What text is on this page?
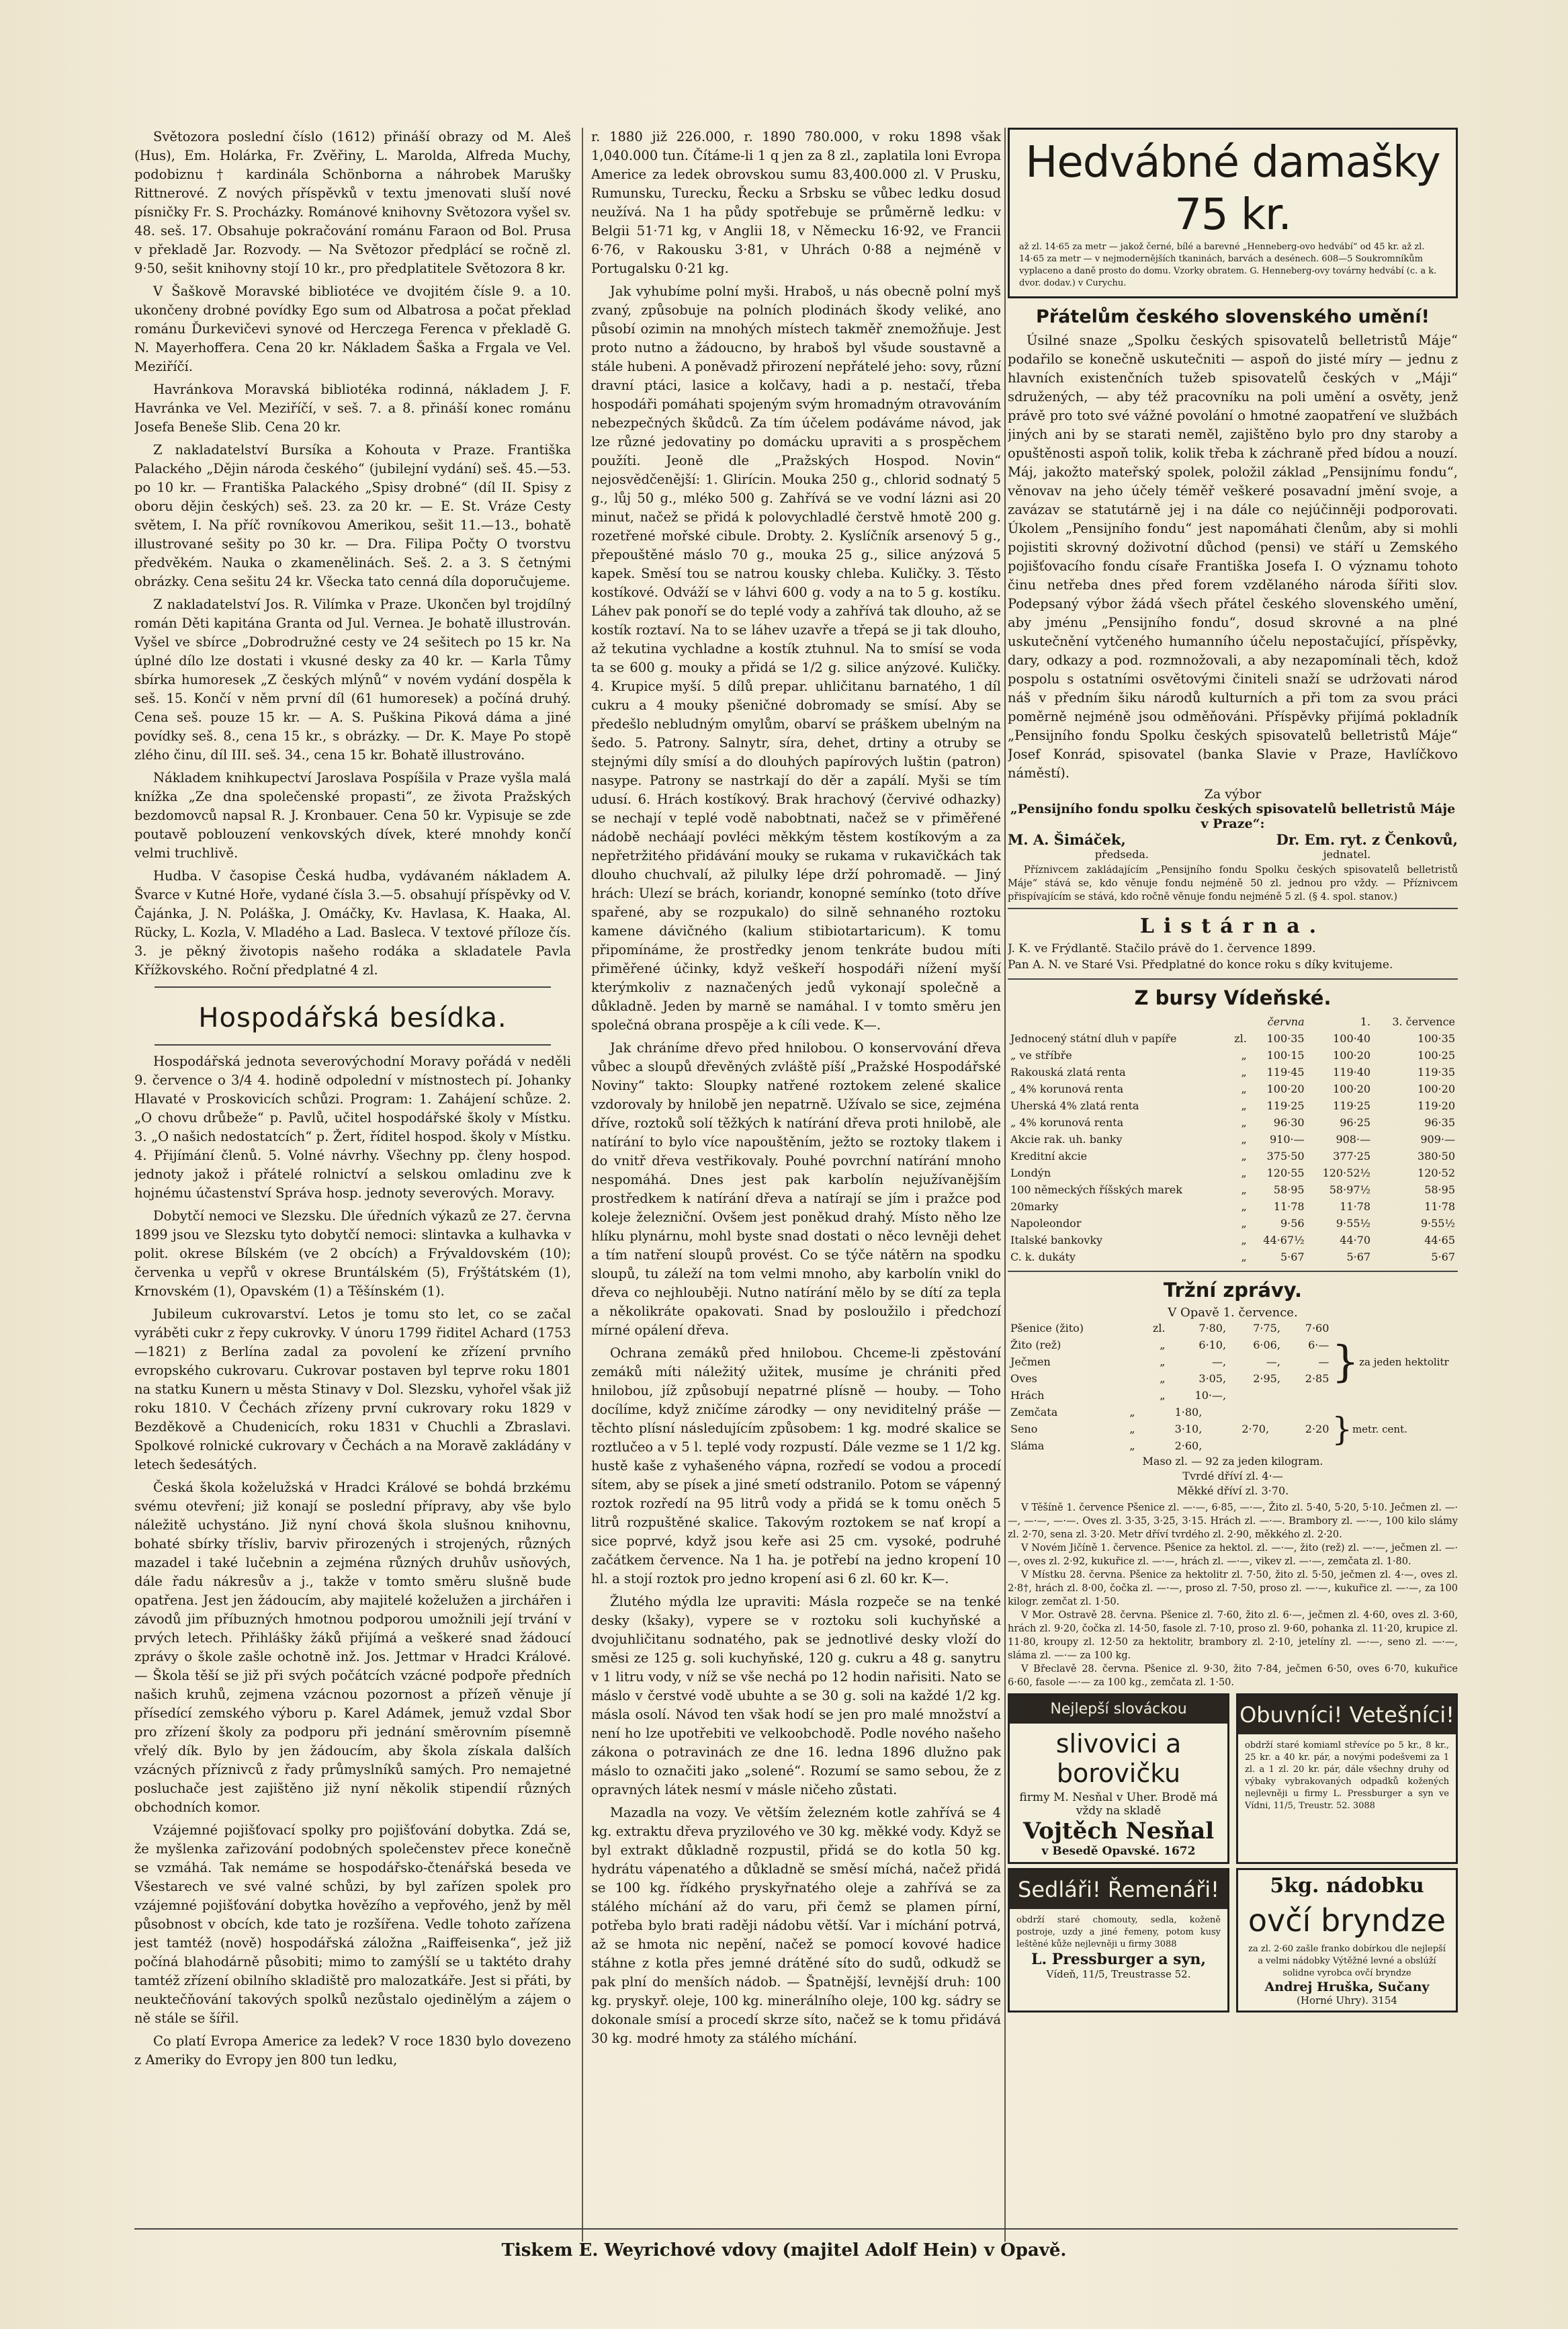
Světozora poslední číslo (1612) přináší obrazy od M. Aleš (Hus), Em. Holárka, Fr. Zvěřiny, L. Marolda, Alfreda Muchy, podobiznu † kardinála Schönborna a náhrobek Marušky Rittnerové. Z nových příspěvků v textu jmenovati sluší nové písničky Fr. S. Procházky. Románové knihovny Světozora vyšel sv. 48. seš. 17. Obsahuje pokračování románu Faraon od Bol. Prusa v překladě Jar. Rozvody. — Na Světozor předplácí se ročně zl. 9·50, sešit knihovny stojí 10 kr., pro předplatitele Světozora 8 kr.

V Šaškově Moravské bibliotéce ve dvojitém čísle 9. a 10. ukončeny drobné povídky Ego sum od Albatrosa a počat překlad románu Ďurkevičevi synové od Herczega Ferenca v překladě G. N. Mayerhoffera. Cena 20 kr. Nákladem Šaška a Frgala ve Vel. Meziříčí.

Havránkova Moravská bibliotéka rodinná, nákladem J. F. Havránka ve Vel. Meziříčí, v seš. 7. a 8. přináší konec románu Josefa Beneše Slib. Cena 20 kr.

Z nakladatelství Bursíka a Kohouta v Praze. Františka Palackého „Dějin národa českého“ (jubilejní vydání) seš. 45.—53. po 10 kr. — Františka Palackého „Spisy drobné“ (díl II. Spisy z oboru dějin českých) seš. 23. za 20 kr. — E. St. Vráze Cesty světem, I. Na příč rovníkovou Amerikou, sešit 11.—13., bohatě illustrované sešity po 30 kr. — Dra. Filipa Počty O tvorstvu předvěkém. Nauka o zkamenělinách. Seš. 2. a 3. S četnými obrázky. Cena sešitu 24 kr. Všecka tato cenná díla doporučujeme.

Z nakladatelství Jos. R. Vilímka v Praze. Ukončen byl trojdílný román Děti kapitána Granta od Jul. Vernea. Je bohatě illustrován. Vyšel ve sbírce „Dobrodružné cesty ve 24 sešitech po 15 kr. Na úplné dílo lze dostati i vkusné desky za 40 kr. — Karla Tůmy sbírka humoresek „Z českých mlýnů“ v novém vydání dospěla k seš. 15. Končí v něm první díl (61 humoresek) a počíná druhý. Cena seš. pouze 15 kr. — A. S. Puškina Piková dáma a jiné povídky seš. 8., cena 15 kr., s obrázky. — Dr. K. Maye Po stopě zlého činu, díl III. seš. 34., cena 15 kr. Bohatě illustrováno.

Nákladem knihkupectví Jaroslava Pospíšila v Praze vyšla malá knížka „Ze dna společenské propasti“, ze života Pražských bezdomovců napsal R. J. Kronbauer. Cena 50 kr. Vypisuje se zde poutavě poblouzení venkovských dívek, které mnohdy končí velmi truchlivě.

Hudba. V časopise Česká hudba, vydávaném nákladem A. Švarce v Kutné Hoře, vydané čísla 3.—5. obsahují příspěvky od V. Čajánka, J. N. Poláška, J. Omáčky, Kv. Havlasa, K. Haaka, Al. Rücky, L. Kozla, V. Mladého a Lad. Basleca. V textové příloze čís. 3. je pěkný životopis našeho rodáka a skladatele Pavla Křížkovského. Roční předplatné 4 zl.

Hospodářská besídka.

Hospodářská jednota severovýchodní Moravy pořádá v neděli 9. července o 3/4 4. hodině odpolední v místnostech pí. Johanky Hlavaté v Proskovicích schůzi. Program: 1. Zahájení schůze. 2. „O chovu drůbeže“ p. Pavlů, učitel hospodářské školy v Místku. 3. „O našich nedostatcích“ p. Žert, říditel hospod. školy v Místku. 4. Přijímání členů. 5. Volné návrhy. Všechny pp. členy hospod. jednoty jakož i přátelé rolnictví a selskou omladinu zve k hojnému účastenství Správa hosp. jednoty severových. Moravy.

Dobytčí nemoci ve Slezsku. Dle úředních výkazů ze 27. června 1899 jsou ve Slezsku tyto dobytčí nemoci: slintavka a kulhavka v polit. okrese Bílském (ve 2 obcích) a Frývaldovském (10); červenka u vepřů v okrese Bruntálském (5), Frýštátském (1), Krnovském (1), Opavském (1) a Těšínském (1).

Jubileum cukrovarství. Letos je tomu sto let, co se začal vyráběti cukr z řepy cukrovky. V únoru 1799 řiditel Achard (1753—1821) z Berlína zadal za povolení ke zřízení prvního evropského cukrovaru. Cukrovar postaven byl teprve roku 1801 na statku Kunern u města Stinavy v Dol. Slezsku, vyhořel však již roku 1810. V Čechách zřízeny první cukrovary roku 1829 v Bezděkově a Chudenicích, roku 1831 v Chuchli a Zbraslavi. Spolkové rolnické cukrovary v Čechách a na Moravě zakládány v letech šedesátých.

Česká škola koželužská v Hradci Králové se bohdá brzkému svému otevření; již konají se poslední přípravy, aby vše bylo náležitě uchystáno. Již nyní chová škola slušnou knihovnu, bohaté sbírky třísliv, barviv přirozených i strojených, různých mazadel i také lučebnin a zejména různých druhův usňových, dále řadu nákresův a j., takže v tomto směru slušně bude opatřena. Jest jen žádoucím, aby majitelé koželužen a jirchářen i závodů jim příbuzných hmotnou podporou umožnili její trvání v prvých letech. Přihlášky žáků přijímá a veškeré snad žádoucí zprávy o škole zašle ochotně inž. Jos. Jettmar v Hradci Králové. — Škola těší se již při svých počátcích vzácné podpoře předních našich kruhů, zejmena vzácnou pozornost a přízeň věnuje jí přísedící zemského výboru p. Karel Adámek, jemuž vzdal Sbor pro zřízení školy za podporu při jednání směrovním písemně vřelý dík. Bylo by jen žádoucím, aby škola získala dalších vzácných příznivců z řady průmyslníků samých. Pro nemajetné posluchače jest zajištěno již nyní několik stipendií různých obchodních komor.

Vzájemné pojišťovací spolky pro pojišťování dobytka. Zdá se, že myšlenka zařizování podobných společenstev přece konečně se vzmáhá. Tak nemáme se hospodářsko-čtenářská beseda ve Všestarech ve své valné schůzi, by byl zařízen spolek pro vzájemné pojišťování dobytka hovězího a vepřového, jenž by měl působnost v obcích, kde tato je rozšířena. Vedle tohoto zařízena jest tamtéž (nově) hospodářská záložna „Raiffeisenka“, jež již počíná blahodárně působiti; mimo to zamýšlí se u taktéto drahy tamtéž zřízení obilního skladiště pro malozatkáře. Jest si přáti, by neuktečňování takových spolků nezůstalo ojedinělým a zájem o ně stále se šířil.

Co platí Evropa Americe za ledek? V roce 1830 bylo dovezeno z Ameriky do Evropy jen 800 tun ledku,

r. 1880 již 226.000, r. 1890 780.000, v roku 1898 však 1,040.000 tun. Čítáme-li 1 q jen za 8 zl., zaplatila loni Evropa Americe za ledek obrovskou sumu 83,400.000 zl. V Prusku, Rumunsku, Turecku, Řecku a Srbsku se vůbec ledku dosud neužívá. Na 1 ha půdy spotřebuje se průměrně ledku: v Belgii 51·71 kg, v Anglii 18, v Německu 16·92, ve Francii 6·76, v Rakousku 3·81, v Uhrách 0·88 a nejméně v Portugalsku 0·21 kg.

Jak vyhubíme polní myši. Hraboš, u nás obecně polní myš zvaný, způsobuje na polních plodinách škody veliké, ano působí ozimin na mnohých místech takměř znemožňuje. Jest proto nutno a žádoucno, by hraboš byl všude soustavně a stále hubeni. A poněvadž přirození nepřátelé jeho: sovy, různí dravní ptáci, lasice a kolčavy, hadi a p. nestačí, třeba hospodáři pomáhati spojeným svým hromadným otravováním nebezpečných škůdců. Za tím účelem podáváme návod, jak lze různé jedovatiny po domácku upraviti a s prospěchem použíti. Jeoně dle „Pražských Hospod. Novin“ nejosvědčenější: 1. Glirícin. Mouka 250 g., chlorid sodnatý 5 g., lůj 50 g., mléko 500 g. Zahřívá se ve vodní lázni asi 20 minut, načež se přidá k polovychladlé čerstvě hmotě 200 g. rozetřené mořské cibule. Drobty. 2. Kyslíčník arsenový 5 g., přepouštěné máslo 70 g., mouka 25 g., silice anýzová 5 kapek. Směsí tou se natrou kousky chleba. Kuličky. 3. Těsto kostíkové. Odváží se v láhvi 600 g. vody a na to 5 g. kostíku. Láhev pak ponoří se do teplé vody a zahřívá tak dlouho, až se kostík roztaví. Na to se láhev uzavře a třepá se ji tak dlouho, až tekutina vychladne a kostík ztuhnul. Na to smísí se voda ta se 600 g. mouky a přidá se 1/2 g. silice anýzové. Kuličky. 4. Krupice myší. 5 dílů prepar. uhličitanu barnatého, 1 díl cukru a 4 mouky pšeničné dobromady se smísí. Aby se předešlo nebludným omylům, obarví se práškem ubelným na šedo. 5. Patrony. Salnytr, síra, dehet, drtiny a otruby se stejnými díly smísí a do dlouhých papírových luštin (patron) nasype. Patrony se nastrkají do děr a zapálí. Myši se tím udusí. 6. Hrách kostíkový. Brak hrachový (červivé odhazky) se nechají v teplé vodě nabobtnati, načež se v přiměřené nádobě necháají povléci měkkým těstem kostíkovým a za nepřetržitého přidávání mouky se rukama v rukavičkách tak dlouho chuchvalí, až pilulky lépe drží pohromadě. — Jiný hrách: Ulezí se brách, koriandr, konopné semínko (toto dříve spařené, aby se rozpukalo) do silně sehnaného roztoku kamene dávičného (kalium stibiotartaricum). K tomu připomínáme, že prostředky jenom tenkráte budou míti přiměřené účinky, když veškeří hospodáři nížení myší kterýmkoliv z naznačených jedů vykonají společně a důkladně. Jeden by marně se namáhal. I v tomto směru jen společná obrana prospěje a k cíli vede. K—.

Jak chráníme dřevo před hnilobou. O konservování dřeva vůbec a sloupů dřevěných zvláště píší „Pražské Hospodářské Noviny“ takto: Sloupky natřené roztokem zelené skalice vzdorovaly by hnilobě jen nepatrně. Užívalo se sice, zejména dříve, roztoků solí těžkých k natírání dřeva proti hnilobě, ale natírání to bylo více napouštěním, ježto se roztoky tlakem i do vnitř dřeva vestřikovaly. Pouhé povrchní natírání mnoho nespomáhá. Dnes jest pak karbolín nejužívanějším prostředkem k natírání dřeva a natírají se jím i pražce pod koleje železniční. Ovšem jest poněkud drahý. Místo něho lze hlíku plynárnu, mohl byste snad dostati o něco levněji dehet a tím natření sloupů provést. Co se týče nátěrn na spodku sloupů, tu záleží na tom velmi mnoho, aby karbolín vnikl do dřeva co nejhlouběji. Nutno natírání mělo by se dítí za tepla a několikráte opakovati. Snad by posloužilo i předchozí mírné opálení dřeva.

Ochrana zemáků před hnilobou. Chceme-li zpěstování zemáků míti náležitý užitek, musíme je chrániti před hnilobou, jíž způsobují nepatrné plísně — houby. — Toho docílíme, když zničíme zárodky — ony neviditelný práše — těchto plísní následujícím způsobem: 1 kg. modré skalice se roztlučeo a v 5 l. teplé vody rozpustí. Dále vezme se 1 1/2 kg. hustě kaše z vyhašeného vápna, rozředí se vodou a procedí sítem, aby se písek a jiné smetí odstranilo. Potom se vápenný roztok rozředí na 95 litrů vody a přidá se k tomu oněch 5 litrů rozpuštěné skalice. Takovým roztokem se nať kropí a sice poprvé, když jsou keře asi 25 cm. vysoké, podruhé začátkem července. Na 1 ha. je potřebí na jedno kropení 10 hl. a stojí roztok pro jedno kropení asi 6 zl. 60 kr. K—.

Žlutého mýdla lze upraviti: Másla rozpeče se na tenké desky (kšaky), vypere se v roztoku soli kuchyňské a dvojuhličitanu sodnatého, pak se jednotlivé desky vloží do směsi ze 125 g. soli kuchyňské, 120 g. cukru a 48 g. sanytru v 1 litru vody, v níž se vše nechá po 12 hodin nařisiti. Nato se máslo v čerstvé vodě ubuhte a se 30 g. soli na každé 1/2 kg. másla osolí. Návod ten však hodí se jen pro malé množství a není ho lze upotřebiti ve velkoobchodě. Podle nového našeho zákona o potravinách ze dne 16. ledna 1896 dlužno pak máslo to označiti jako „solené“. Rozumí se samo sebou, že z opravných látek nesmí v másle ničeho zůstati.

Mazadla na vozy. Ve větším železném kotle zahřívá se 4 kg. extraktu dřeva pryzilového ve 30 kg. měkké vody. Když se byl extrakt důkladně rozpustil, přidá se do kotla 50 kg. hydrátu vápenatého a důkladně se směsí míchá, načež přidá se 100 kg. řídkého pryskyřnatého oleje a zahřívá se za stálého míchání až do varu, při čemž se plamen pírní, potřeba bylo brati raději nádobu větší. Var i míchání potrvá, až se hmota nic nepění, načež se pomocí kovové hadice stáhne z kotla přes jemné drátěné síto do sudů, odkudž se pak plní do menších nádob. — Špatnější, levnější druh: 100 kg. pryskyř. oleje, 100 kg. minerálního oleje, 100 kg. sádry se dokonale smísí a procedí skrze síto, načež se k tomu přidává 30 kg. modré hmoty za stálého míchání.

Hedvábné damašky 75 kr.
až zl. 14·65 za metr — jakož černé, bílé a barevné „Henneberg-ovo hedvábí“ od 45 kr. až zl. 14·65 za metr — v nejmodernějších tkaninách, barvách a desénech. 608—5 Soukromníkům vyplaceno a daně prosto do domu. Vzorky obratem. G. Henneberg-ovy továrny hedvábí (c. a k. dvor. dodav.) v Curychu.
Přátelům českého slovenského umění!

Úsilné snaze „Spolku českých spisovatelů belletristů Máje“ podařilo se konečně uskutečniti — aspoň do jisté míry — jednu z hlavních existenčních tužeb spisovatelů českých v „Máji“ sdružených, — aby též pracovníku na poli umění a osvěty, jenž právě pro toto své vážné povolání o hmotné zaopatření ve službách jiných ani by se starati neměl, zajištěno bylo pro dny staroby a opuštěnosti aspoň tolik, kolik třeba k záchraně před bídou a nouzí. Máj, jakožto mateřský spolek, položil základ „Pensijnímu fondu“, věnovav na jeho účely téměř veškeré posavadní jmění svoje, a zavázav se statutárně jej i na dále co nejúčinněji podporovati. Úkolem „Pensijního fondu“ jest napomáhati členům, aby si mohli pojistiti skrovný doživotní důchod (pensi) ve stáří u Zemského pojišťovacího fondu císaře Františka Josefa I. O významu tohoto činu netřeba dnes před forem vzdělaného národa šířiti slov. Podepsaný výbor žádá všech přátel českého slovenského umění, aby jménu „Pensijního fondu“, dosud skrovné a na plné uskutečnění vytčeného humanního účelu nepostačující, příspěvky, dary, odkazy a pod. rozmnožovali, a aby nezapomínali těch, kdož pospolu s ostatními osvětovými činiteli snaží se udržovati národ náš v předním šiku národů kulturních a při tom za svou práci poměrně nejméně jsou odměňováni. Příspěvky přijímá pokladník „Pensijního fondu Spolku českých spisovatelů belletristů Máje“ Josef Konrád, spisovatel (banka Slavie v Praze, Havlíčkovo náměstí).

Za výbor
„Pensijního fondu spolku českých spisovatelů belletristů Máje v Praze“:
M. A. Šimáček,	Dr. Em. ryt. z Čenkovů,
předseda.	jednatel.
Příznivcem zakládajícím „Pensijního fondu Spolku českých spisovatelů belletristů Máje“ stává se, kdo věnuje fondu nejméně 50 zl. jednou pro vždy. — Příznivcem přispívajícím se stává, kdo ročně věnuje fondu nejméně 5 zl. (§ 4. spol. stanov.)
Listárna.
J. K. ve Frýdlantě. Stačilo právě do 1. července 1899.
Pan A. N. ve Staré Vsi. Předplatné do konce roku s díky kvitujeme.
Z bursy Vídeňské.
		června	1.	3. července
Jednocený státní dluh v papíře	zl.	100·35	100·40	100·35
„ ve stříbře	„	100·15	100·20	100·25
Rakouská zlatá renta	„	119·45	119·40	119·35
„ 4% korunová renta	„	100·20	100·20	100·20
Uherská 4% zlatá renta	„	119·25	119·25	119·20
„ 4% korunová renta	„	96·30	96·25	96·35
Akcie rak. uh. banky	„	910·—	908·—	909·—
Kreditní akcie	„	375·50	377·25	380·50
Londýn	„	120·55	120·52½	120·52
100 německých říšských marek	„	58·95	58·97½	58·95
20marky	„	11·78	11·78	11·78
Napoleondor	„	9·56	9·55½	9·55½
Italské bankovky	„	44·67½	44·70	44·65
C. k. dukáty	„	5·67	5·67	5·67
Tržní zprávy.
V Opavě 1. července.
Pšenice (žito)	zl.	7·80,	7·75,	7·60
Žito (rež)	„	6·10,	6·06,	6·—
Ječmen	„	—,	—,	—
Oves	„	3·05,	2·95,	2·85
Hrách	„	10·—,		
} za jeden hektolitr
Zemčata	„	1·80,		
Seno	„	3·10,	2·70,	2·20
Sláma	„	2·60,			} metr. cent.
Maso zl. — 92 za jeden kilogram.
Tvrdé dříví zl. 4·—
Měkké dříví zl. 3·70.
V Těšíně 1. července Pšenice zl. —·—, 6·85, —·—, Žito zl. 5·40, 5·20, 5·10. Ječmen zl. —·—, —·—, —·—. Oves zl. 3·35, 3·25, 3·15. Hrách zl. —·—. Brambory zl. —·—, 100 kilo slámy zl. 2·70, sena zl. 3·20. Metr dříví tvrdého zl. 2·90, měkkého zl. 2·20.
V Novém Jičíně 1. července. Pšenice za hektol. zl. —·—, žito (rež) zl. —·—, ječmen zl. —·—, oves zl. 2·92, kukuřice zl. —·—, hrách zl. —·—, vikev zl. —·—, zemčata zl. 1·80.
V Místku 28. června. Pšenice za hektolitr zl. 7·50, žito zl. 5·50, ječmen zl. 4·—, oves zl. 2·8†, hrách zl. 8·00, čočka zl. —·—, proso zl. 7·50, proso zl. —·—, kukuřice zl. —·—, za 100 kilogr. zemčat zl. 1·50.
V Mor. Ostravě 28. června. Pšenice zl. 7·60, žito zl. 6·—, ječmen zl. 4·60, oves zl. 3·60, hrách zl. 9·20, čočka zl. 14·50, fasole zl. 7·10, proso zl. 9·60, pohanka zl. 11·20, krupice zl. 11·80, kroupy zl. 12·50 za hektolitr, brambory zl. 2·10, jetelíny zl. —·—, seno zl. —·—, sláma zl. —·— za 100 kg.
V Břeclavě 28. června. Pšenice zl. 9·30, žito 7·84, ječmen 6·50, oves 6·70, kukuřice 6·60, fasole —·— za 100 kg., zemčata zl. 1·50.
Nejlepší slováckou
slivovici a borovičku
firmy M. Nesňal v Uher. Brodě má vždy na skladě
Vojtěch Nesňal
v Besedě Opavské. 1672
Obuvníci! Vetešníci!
obdrží staré komiaml střevíce po 5 kr., 8 kr., 25 kr. a 40 kr. pár, a novými podešvemi za 1 zl. a 1 zl. 20 kr. pár, dále všechny druhy od výbaky vybrakovaných odpadků kožených nejlevněji u firmy L. Pressburger a syn ve Vídni, 11/5, Treustr. 52. 3088
Sedláři! Řemenáři!
obdrží staré chomouty, sedla, koženě postroje, uzdy a jiné řemeny, potom kusy leštěné kůže nejlevněji u firmy 3088
L. Pressburger a syn,
Vídeň, 11/5, Treustrasse 52.
5kg. nádobku
ovčí bryndze
za zl. 2·60 zašle franko dobírkou dle nejlepší a velmi nádobky Výtěžné levné a obslúží solidne vyrobca ovčí bryndze
Andrej Hruška, Sučany
(Horné Uhry). 3154
Tiskem E. Weyrichové vdovy (majitel Adolf Hein) v Opavě.
